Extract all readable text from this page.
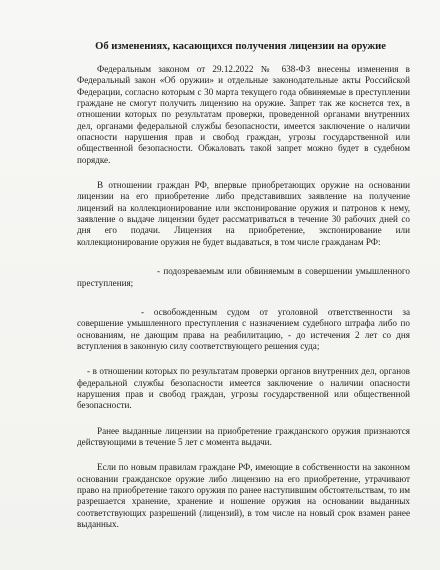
Об изменениях, касающихся получения лицензии на оружие

Федеральным законом от 29.12.2022 № 638-ФЗ внесены изменения в Федеральный закон «Об оружии» и отдельные законодательные акты Российской Федерации, согласно которым с 30 марта текущего года обвиняемые в преступлении граждане не смогут получить лицензию на оружие. Запрет так же коснется тех, в отношении которых по результатам проверки, проведенной органами внутренних дел, органами федеральной службы безопасности, имеется заключение о наличии опасности нарушения прав и свобод граждан, угрозы государственной или общественной безопасности. Обжаловать такой запрет можно будет в судебном порядке.

В отношении граждан РФ, впервые приобретающих оружие на основании лицензии на его приобретение либо представивших заявление на получение лицензий на коллекционирование или экспонирование оружия и патронов к нему, заявление о выдаче лицензии будет рассматриваться в течение 30 рабочих дней со дня его подачи. Лицензия на приобретение, экспонирование или коллекционирование оружия не будет выдаваться, в том числе гражданам РФ:

- подозреваемым или обвиняемым в совершении умышленного преступления;

- освобожденным судом от уголовной ответственности за совершение умышленного преступления с назначением судебного штрафа либо по основаниям, не дающим права на реабилитацию, - до истечения 2 лет со дня вступления в законную силу соответствующего решения суда;

- в отношении которых по результатам проверки органов внутренних дел, органов федеральной службы безопасности имеется заключение о наличии опасности нарушения прав и свобод граждан, угрозы государственной или общественной безопасности.

Ранее выданные лицензии на приобретение гражданского оружия признаются действующими в течение 5 лет с момента выдачи.

Если по новым правилам граждане РФ, имеющие в собственности на законном основании гражданское оружие либо лицензию на его приобретение, утрачивают право на приобретение такого оружия по ранее наступившим обстоятельствам, то им разрешается хранение, хранение и ношение оружия на основании выданных соответствующих разрешений (лицензий), в том числе на новый срок взамен ранее выданных.
